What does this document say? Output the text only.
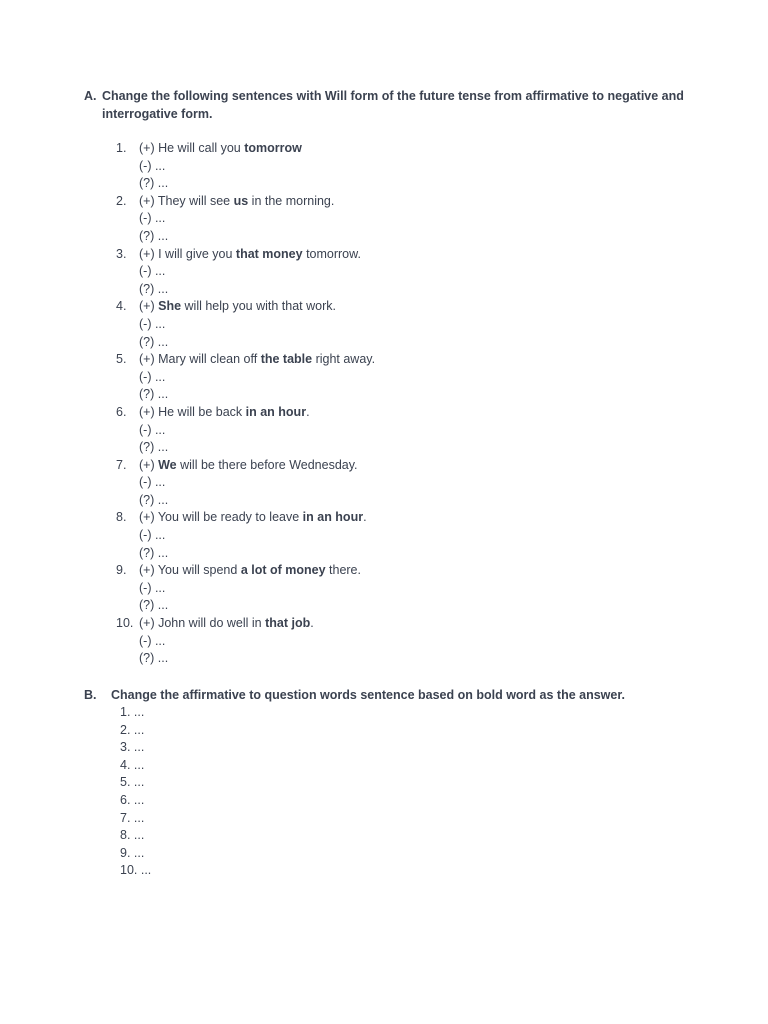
A. Change the following sentences with Will form of the future tense from affirmative to negative and interrogative form.
1.	(+) He will call you tomorrow
(-) ...
(?) ...
2.	(+) They will see us in the morning.
(-) ...
(?) ...
3.	(+) I will give you that money tomorrow.
(-) ...
(?) ...
4.	(+) She will help you with that work.
(-) ...
(?) ...
5.	(+) Mary will clean off the table right away.
(-) ...
(?) ...
6.	(+) He will be back in an hour.
(-) ...
(?) ...
7.	(+) We will be there before Wednesday.
(-) ...
(?) ...
8.	(+) You will be ready to leave in an hour.
(-) ...
(?) ...
9.	(+) You will spend a lot of money there.
(-) ...
(?) ...
10. (+) John will do well in that job.
(-) ...
(?) ...
B.	Change the affirmative to question words sentence based on bold word as the answer.
1. ...
2. ...
3. ...
4. ...
5. ...
6. ...
7. ...
8. ...
9. ...
10. ...
